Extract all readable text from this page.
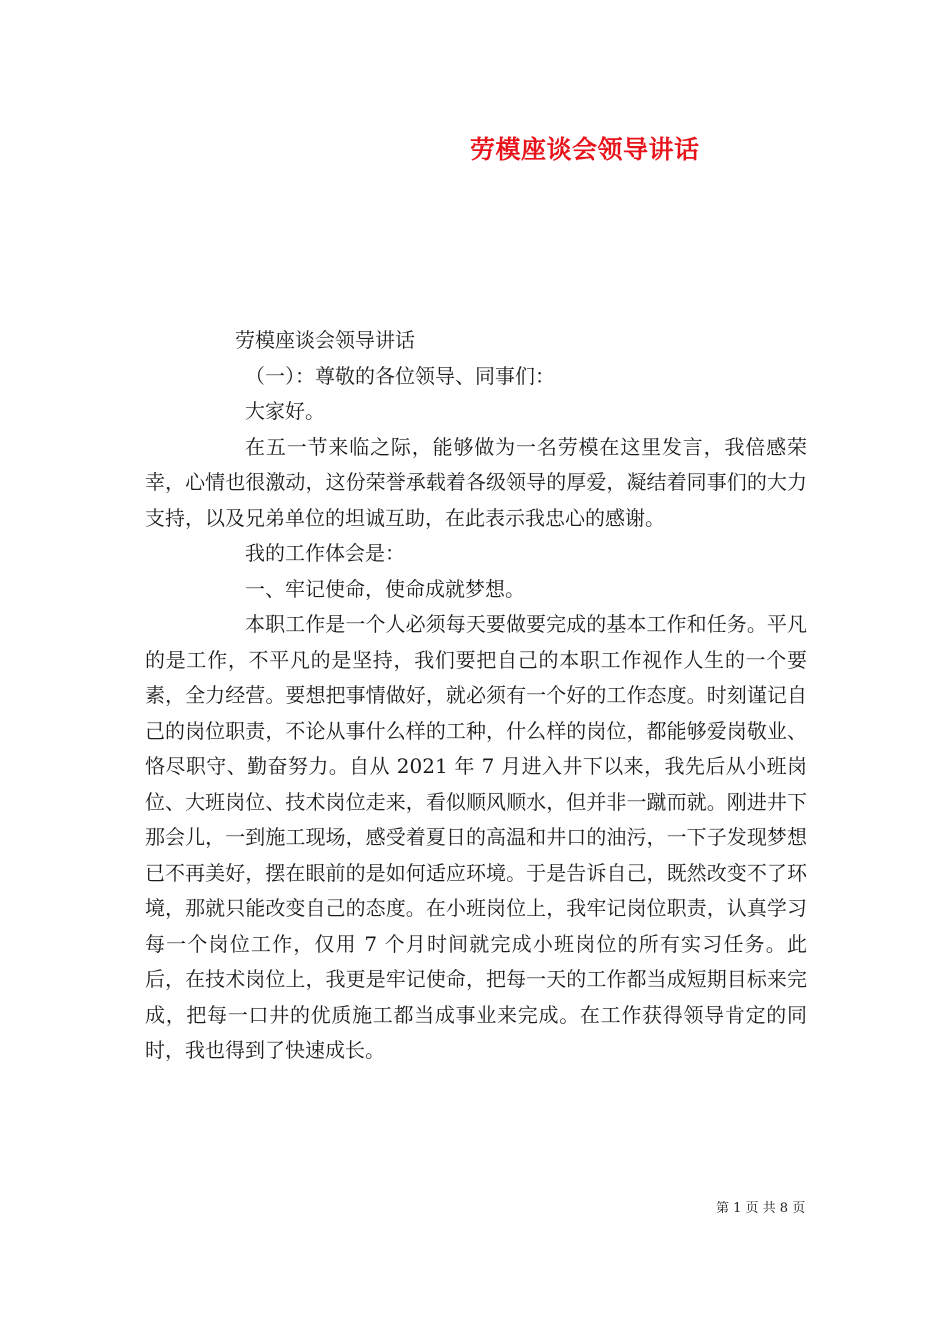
劳模座谈会领导讲话

劳模座谈会领导讲话

（一）：尊敬的各位领导、同事们：

大家好。

在五一节来临之际，能够做为一名劳模在这里发言，我倍感荣幸，心情也很激动，这份荣誉承载着各级领导的厚爱，凝结着同事们的大力支持，以及兄弟单位的坦诚互助，在此表示我忠心的感谢。

我的工作体会是：

一、牢记使命，使命成就梦想。

本职工作是一个人必须每天要做要完成的基本工作和任务。平凡的是工作，不平凡的是坚持，我们要把自己的本职工作视作人生的一个要素，全力经营。要想把事情做好，就必须有一个好的工作态度。时刻谨记自己的岗位职责，不论从事什么样的工种，什么样的岗位，都能够爱岗敬业、恪尽职守、勤奋努力。自从 2021 年 7 月进入井下以来，我先后从小班岗位、大班岗位、技术岗位走来，看似顺风顺水，但并非一蹴而就。刚进井下那会儿，一到施工现场，感受着夏日的高温和井口的油污，一下子发现梦想已不再美好，摆在眼前的是如何适应环境。于是告诉自己，既然改变不了环境，那就只能改变自己的态度。在小班岗位上，我牢记岗位职责，认真学习每一个岗位工作，仅用 7 个月时间就完成小班岗位的所有实习任务。此后，在技术岗位上，我更是牢记使命，把每一天的工作都当成短期目标来完成，把每一口井的优质施工都当成事业来完成。在工作获得领导肯定的同时，我也得到了快速成长。

第 1 页 共 8 页
